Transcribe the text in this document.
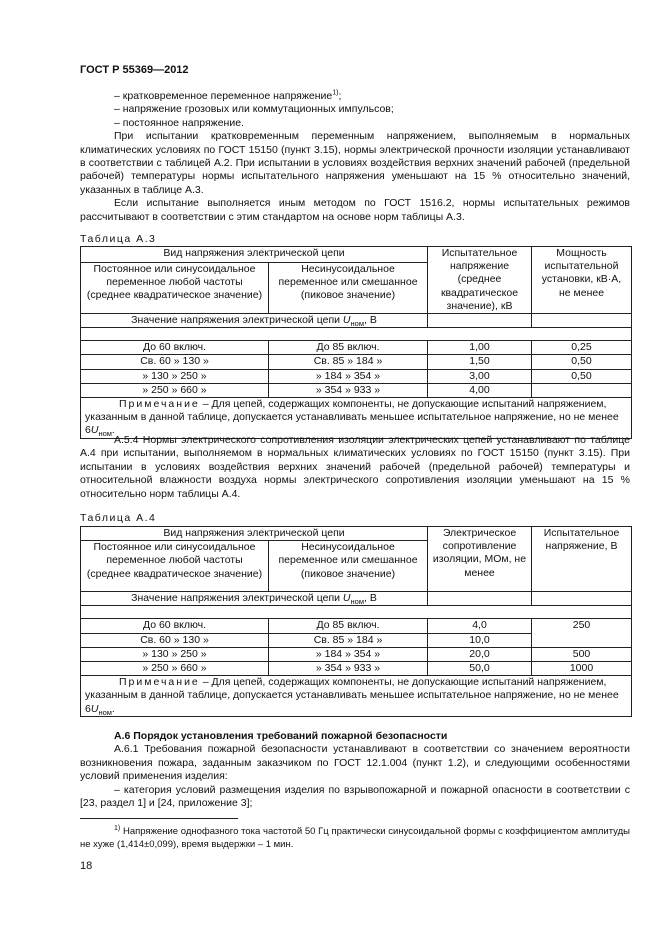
ГОСТ Р 55369—2012

– кратковременное переменное напряжение$^{1)}$;

– напряжение грозовых или коммутационных импульсов;

– постоянное напряжение.

При испытании кратковременным переменным напряжением, выполняемым в нормальных климатических условиях по ГОСТ 15150 (пункт 3.15), нормы электрической прочности изоляции устанавливают в соответствии с таблицей А.2. При испытании в условиях воздействия верхних значений рабочей (предельной рабочей) температуры нормы испытательного напряжения уменьшают на 15 % относительно значений, указанных в таблице А.3.

Если испытание выполняется иным методом по ГОСТ 1516.2, нормы испытательных режимов рассчитывают в соответствии с этим стандартом на основе норм таблицы А.3.

Таблица А.3
Вид напряжения электрической цепи		Испытательное напряжение (среднее квадратическое значение), кВ	Мощность испытательной установки, кВ·А, не менее
Постоянное или синусоидальное переменное любой частоты (среднее квадратическое значение)	Несинусоидальное переменное или смешанное (пиковое значение)		
Значение напряжения электрической цепи $U_{ном}$, В			

До 60 включ.	До 85 включ.	1,00	0,25
Св. 60 » 130 »	Св. 85 » 184 »	1,50	0,50
» 130 » 250 »	» 184 » 354 »	3,00	0,50
» 250 » 660 »	» 354 » 933 »	4,00	
Примечание – Для цепей, содержащих компоненты, не допускающие испытаний напряжением, указанным в данной таблице, допускается устанавливать меньшее испытательное напряжение, но не менее $6U_{ном}$.			
А.5.4 Нормы электрического сопротивления изоляции электрических цепей устанавливают по таблице А.4 при испытании, выполняемом в нормальных климатических условиях по ГОСТ 15150 (пункт 3.15). При испытании в условиях воздействия верхних значений рабочей (предельной рабочей) температуры и относительной влажности воздуха нормы электрического сопротивления изоляции уменьшают на 15 % относительно норм таблицы А.4.
Таблица А.4
Вид напряжения электрической цепи		Электрическое сопротивление изоляции, МОм, не менее	Испытательное напряжение, В
Постоянное или синусоидальное переменное любой частоты (среднее квадратическое значение)	Несинусоидальное переменное или смешанное (пиковое значение)		
Значение напряжения электрической цепи $U_{ном}$, В			

До 60 включ.	До 85 включ.	4,0	250
Св. 60 » 130 »	Св. 85 » 184 »	10,0	
» 130 » 250 »	» 184 » 354 »	20,0	500
» 250 » 660 »	» 354 » 933 »	50,0	1000
Примечание – Для цепей, содержащих компоненты, не допускающие испытаний напряжением, указанным в данной таблице, допускается устанавливать меньшее испытательное напряжение, но не менее $6U_{ном}$.			

А.6 Порядок установления требований пожарной безопасности

А.6.1 Требования пожарной безопасности устанавливают в соответствии со значением вероятности возникновения пожара, заданным заказчиком по ГОСТ 12.1.004 (пункт 1.2), и следующими особенностями условий применения изделия:

– категория условий размещения изделия по взрывопожарной и пожарной опасности в соответствии с [23, раздел 1] и [24, приложение 3];

$^{1)}$ Напряжение однофазного тока частотой 50 Гц практически синусоидальной формы с коэффициентом амплитуды не хуже (1,414±0,099), время выдержки – 1 мин.
18
